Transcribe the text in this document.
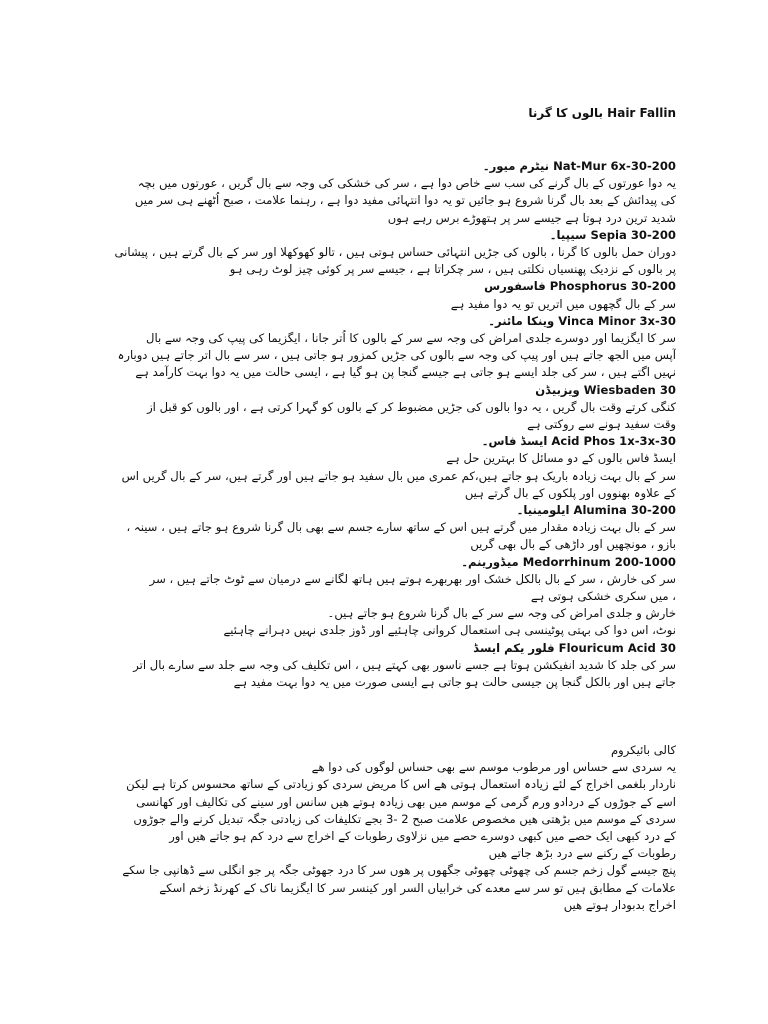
Hair Fallin بالوں کا گرنا
Nat-Mur 6x-30-200 نیٹرم میور۔
یہ دوا عورتوں کے بال گرنے کی سب سے خاص دوا ہے ، سر کی خشکی کی وجہ سے بال گریں ، عورتوں میں بچہ
کی پیدائش کے بعد بال گرنا شروع ہو جائیں تو یہ دوا انتہائی مفید دوا ہے ، رہنما علامت ، صبح اُٹھنے ہی سر میں
شدید ترین درد ہوتا ہے جیسے سر پر ہتھوڑے برس رہے ہوں
Sepia 30-200 سیپیا۔
دوران حمل بالوں کا گرنا ، بالوں کی جڑیں انتہائی حساس ہوتی ہیں ، تالو کھوکھلا اور سر کے بال گرتے ہیں ، پیشانی
پر بالوں کے نزدیک پھنسیاں نکلتی ہیں ، سر چکراتا ہے ، جیسے سر پر کوئی چیز لوٹ رہی ہو
Phosphorus 30-200 فاسفورس
سر کے بال گچھوں میں اتریں تو یہ دوا مفید ہے
Vinca Minor 3x-30 وینکا مائنر۔
سر کا ایگزیما اور دوسرے جلدی امراض کی وجہ سے سر کے بالوں کا اُتر جانا ، ایگزیما کی پیپ کی وجہ سے بال
آپس میں الجھ جاتے ہیں اور پیپ کی وجہ سے بالوں کی جڑیں کمزور ہو جاتی ہیں ، سر سے بال اتر جاتے ہیں دوبارہ
نہیں اگتے ہیں ، سر کی جلد ایسے ہو جاتی ہے جیسے گنجا پن ہو گیا ہے ، ایسی حالت میں یہ دوا بہت کارآمد ہے
Wiesbaden 30 ویزبیڈن
کنگی کرتے وقت بال گریں ، یہ دوا بالوں کی جڑیں مضبوط کر کے بالوں کو گہرا کرتی ہے ، اور بالوں کو قبل از
وقت سفید ہونے سے روکتی ہے
Acid Phos 1x-3x-30 ایسڈ فاس۔
ایسڈ فاس بالوں کے دو مسائل کا بہترین حل ہے
سر کے بال بہت زیادہ باریک ہو جاتے ہیں،کم عمری میں بال سفید ہو جاتے ہیں اور گرتے ہیں، سر کے بال گریں اس
کے علاوہ بھنووں اور پلکوں کے بال گرتے ہیں
Alumina 30-200 ایلومینیا۔
سر کے بال بہت زیادہ مقدار میں گرتے ہیں اس کے ساتھ سارے جسم سے بھی بال گرنا شروع ہو جاتے ہیں ، سینہ ،
بازو ، مونچھیں اور داڑھی کے بال بھی گریں
Medorrhinum 200-1000 میڈورینم۔
سر کی خارش ، سر کے بال بالکل خشک اور بھربھرے ہوتے ہیں ہاتھ لگانے سے درمیان سے ٹوٹ جاتے ہیں ، سر
، میں سکری خشکی ہوتی ہے
خارش و جلدی امراض کی وجہ سے سر کے بال گرنا شروع ہو جاتے ہیں۔
نوٹ، اس دوا کی بہتی پوٹینسی ہی استعمال کروانی چاہئیے اور ڈوز جلدی نہیں دہرانے چاہئیے
Flouricum Acid 30 فلور یکم ایسڈ
سر کی جلد کا شدید انفیکشن ہوتا ہے جسے ناسور بھی کہتے ہیں ، اس تکلیف کی وجہ سے جلد سے سارے بال اتر
جاتے ہیں اور بالکل گنجا پن جیسی حالت ہو جاتی ہے ایسی صورت میں یہ دوا بہت مفید ہے
کالی بائیکروم
یہ سردی سے حساس اور مرطوب موسم سے بھی حساس لوگوں کی دوا ھے
ناردار بلغمی اخراج کے لئے زیادہ استعمال ہوتی ھے اس کا مریض سردی کو زیادتی کے ساتھ محسوس کرتا ہے لیکن
اسے کے جوڑوں کے دردادو ورم گرمی کے موسم میں بھی زیادہ ہوتے ھیں سانس اور سینے کی تکالیف اور کھانسی
سردی کے موسم میں بڑھتی ھیں مخصوص علامت صبح 2 -3 بجے تکلیفات کی زیادتی جگہ تبدیل کرنے والے جوڑوں
کے درد کبھی ایک حصے میں کبھی دوسرے حصے میں نزلاوی رطوبات کے اخراج سے درد کم ہو جاتے ھیں اور
رطوبات کے رکنے سے درد بڑھ جاتے ھیں
پنچ جیسے گول زخم جسم کی چھوٹی چھوٹی جگھوں پر ھوں سر کا درد جھوٹی جگہ پر جو انگلی سے ڈھانپی جا سکے
علامات کے مطابق ہیں تو سر سے معدے کی خرابیاں السر اور کینسر سر کا ایگزیما ناک کے کھرنڈ زخم اسکے
اخراج بدبودار ہوتے ھیں
